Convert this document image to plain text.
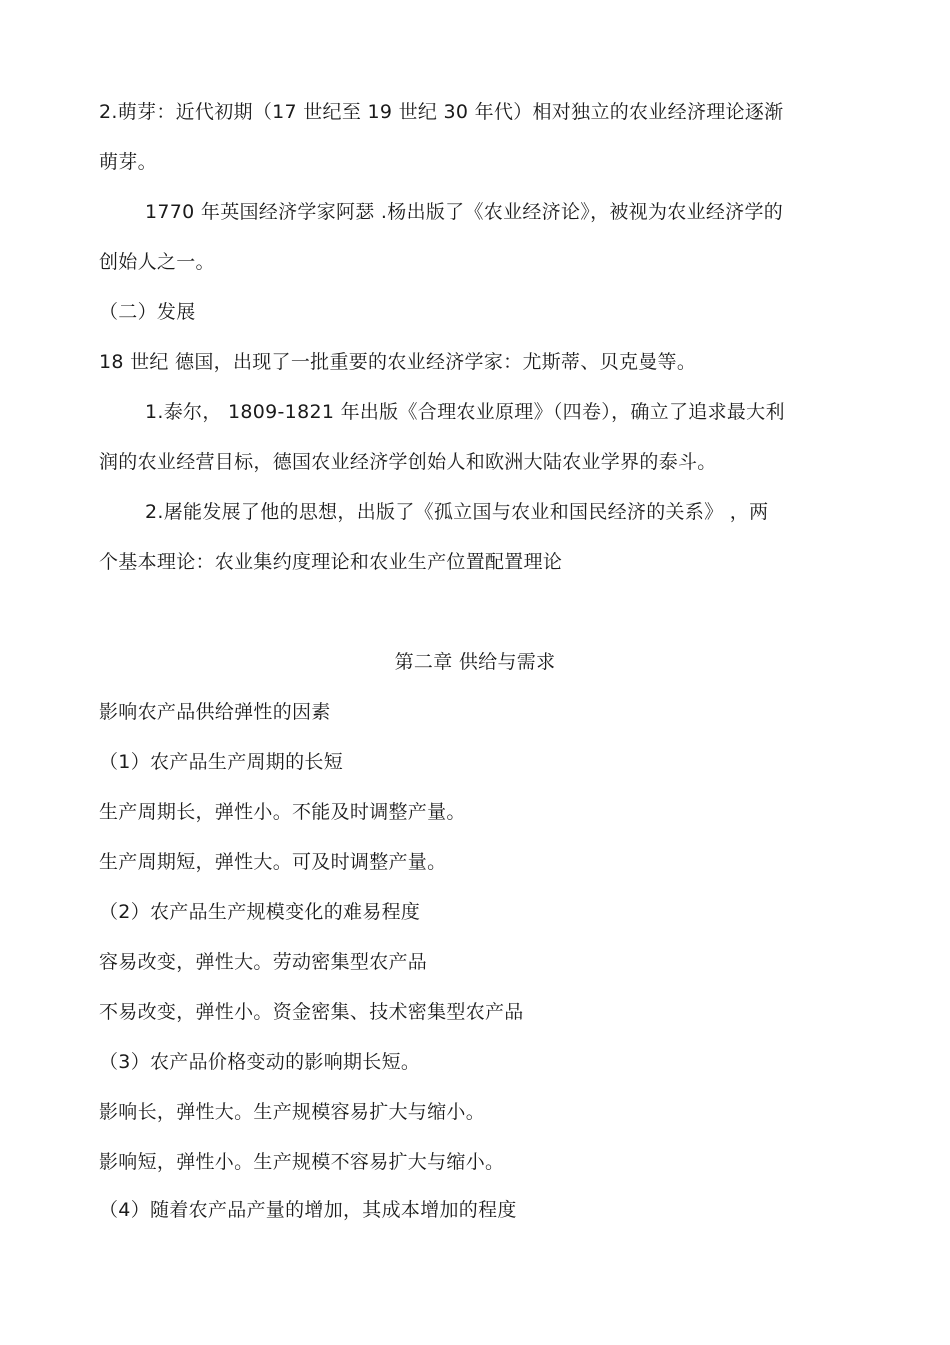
2.萌芽：近代初期（17 世纪至 19 世纪 30 年代）相对独立的农业经济理论逐渐
萌芽。
1770 年英国经济学家阿瑟 .杨出版了《农业经济论》，被视为农业经济学的
创始人之一。
（二）发展
18 世纪 德国，出现了一批重要的农业经济学家：尤斯蒂、贝克曼等。
1.泰尔， 1809-1821 年出版《合理农业原理》（四卷），确立了追求最大利
润的农业经营目标，德国农业经济学创始人和欧洲大陆农业学界的泰斗。
2.屠能发展了他的思想，出版了《孤立国与农业和国民经济的关系》 ，两
个基本理论：农业集约度理论和农业生产位置配置理论
第二章 供给与需求
影响农产品供给弹性的因素
（1）农产品生产周期的长短
生产周期长，弹性小。不能及时调整产量。
生产周期短，弹性大。可及时调整产量。
（2）农产品生产规模变化的难易程度
容易改变，弹性大。劳动密集型农产品
不易改变，弹性小。资金密集、技术密集型农产品
（3）农产品价格变动的影响期长短。
影响长，弹性大。生产规模容易扩大与缩小。
影响短，弹性小。生产规模不容易扩大与缩小。
（4）随着农产品产量的增加，其成本增加的程度
